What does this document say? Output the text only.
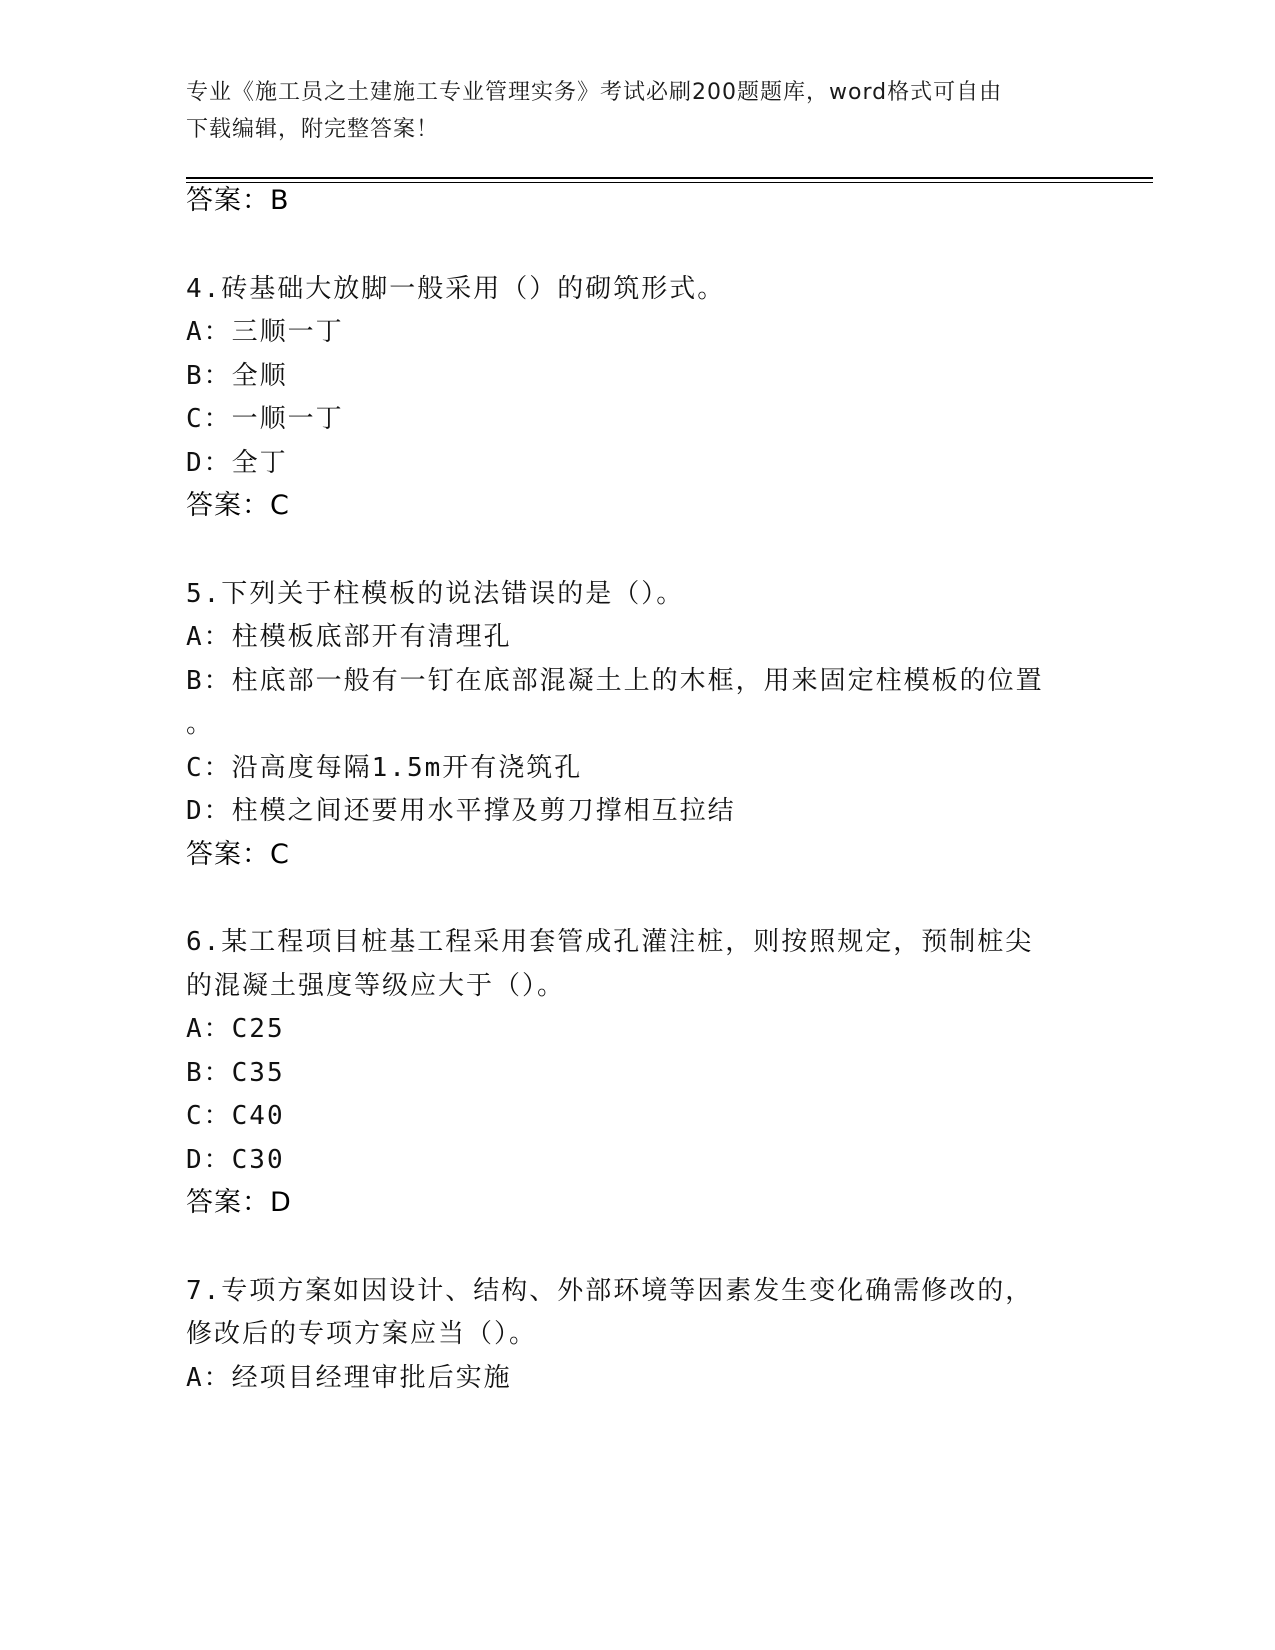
专业《施工员之土建施工专业管理实务》考试必刷200题题库，word格式可自由
下载编辑，附完整答案！
答案：B
4.砖基础大放脚一般采用（）的砌筑形式。
A：三顺一丁
B：全顺
C：一顺一丁
D：全丁
答案：C
5.下列关于柱模板的说法错误的是（）。
A：柱模板底部开有清理孔
B：柱底部一般有一钉在底部混凝土上的木框，用来固定柱模板的位置
。
C：沿高度每隔1.5m开有浇筑孔
D：柱模之间还要用水平撑及剪刀撑相互拉结
答案：C
6.某工程项目桩基工程采用套管成孔灌注桩，则按照规定，预制桩尖
的混凝土强度等级应大于（）。
A：C25
B：C35
C：C40
D：C30
答案：D
7.专项方案如因设计、结构、外部环境等因素发生变化确需修改的，
修改后的专项方案应当（）。
A：经项目经理审批后实施
